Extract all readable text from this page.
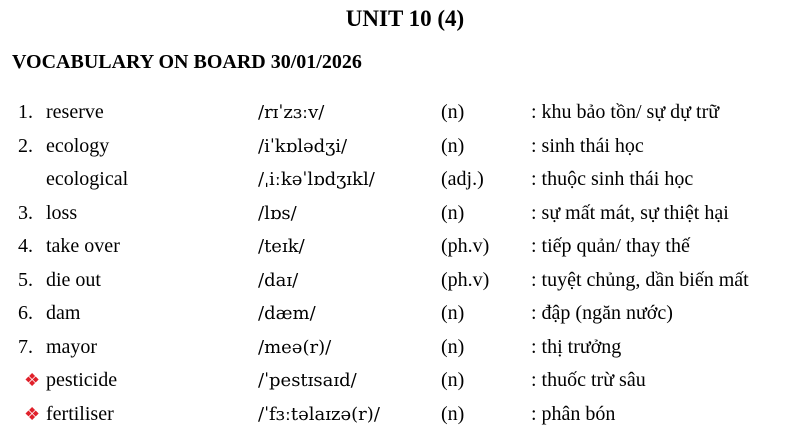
UNIT 10 (4)
VOCABULARY ON BOARD 30/01/2026
1. reserve	/rɪˈzɜːv/	(n)	: khu bảo tồn/ sự dự trữ
2. ecology	/iˈkɒlədʒi/	(n)	: sinh thái học
ecological	/ˌiːkəˈlɒdʒɪkl/	(adj.) : thuộc sinh thái học
3. loss	/lɒs/	(n)	: sự mất mát, sự thiệt hại
4. take over	/teɪk/	(ph.v) : tiếp quản/ thay thế
5. die out	/daɪ/	(ph.v) : tuyệt chủng, dần biến mất
6. dam	/dæm/	(n)	: đập (ngăn nước)
7. mayor	/meə(r)/	(n)	: thị trưởng
❖ pesticide	/ˈpestɪsaɪd/	(n)	: thuốc trừ sâu
❖ fertiliser	/ˈfɜːtəlaɪzə(r)/	(n)	: phân bón
